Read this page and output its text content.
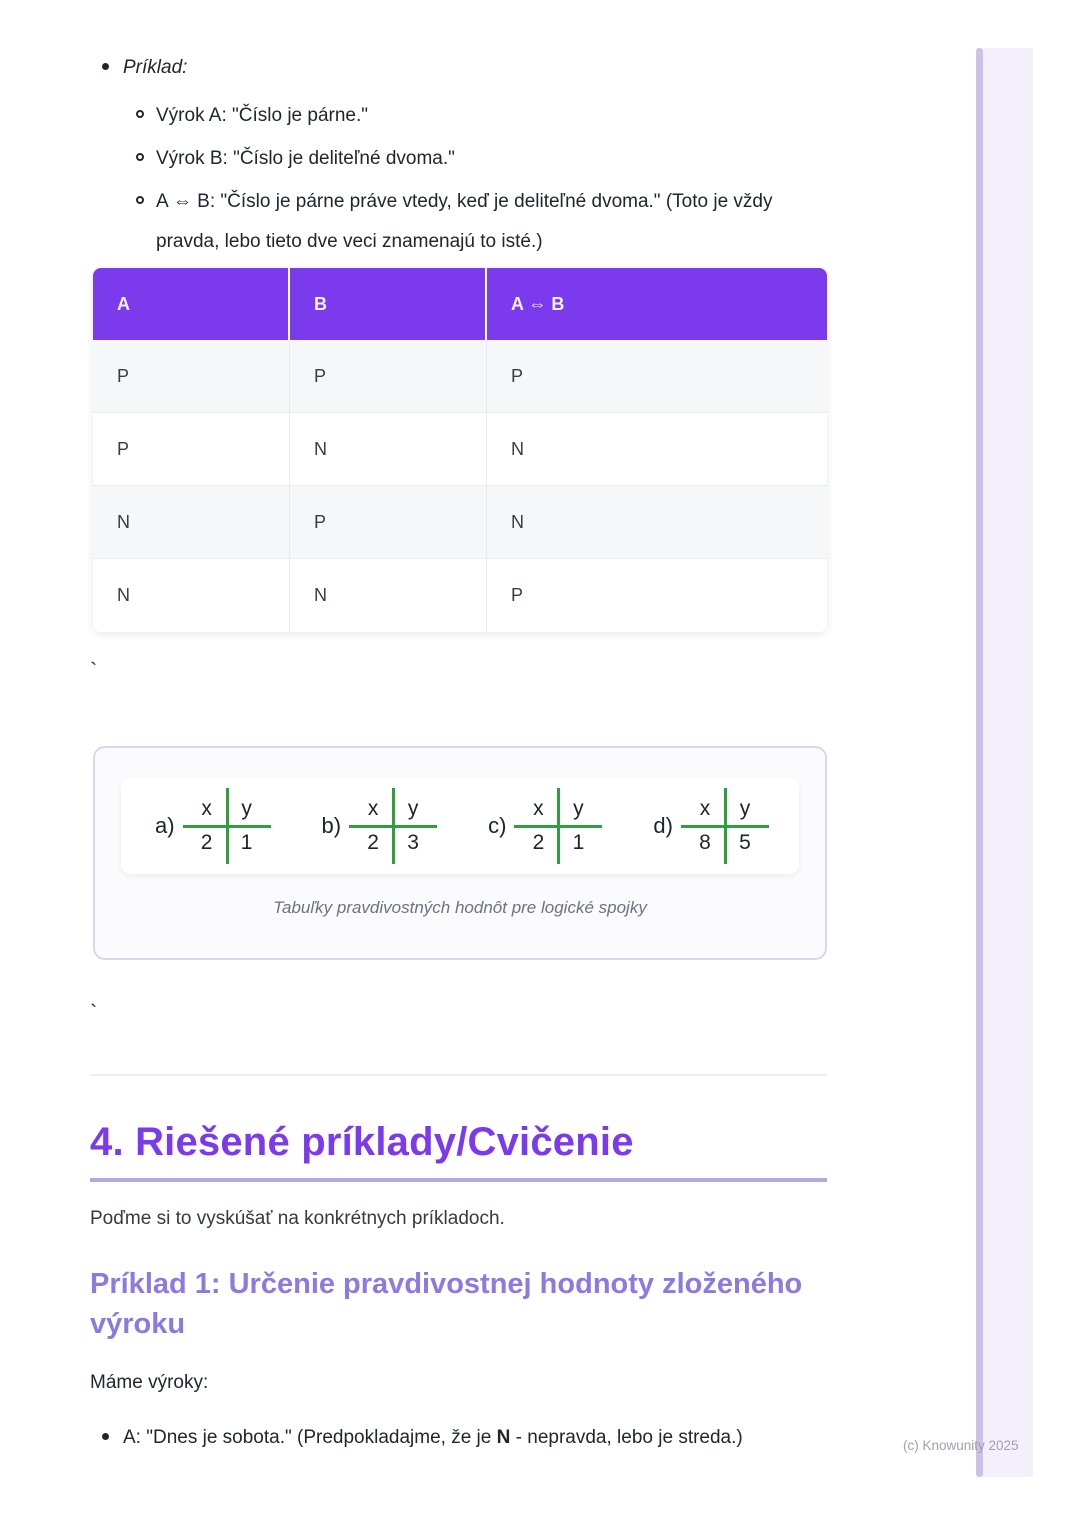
Príklad:
Výrok A: "Číslo je párne."
Výrok B: "Číslo je deliteľné dvoma."
A ⇔ B: "Číslo je párne práve vtedy, keď je deliteľné dvoma." (Toto je vždy pravda, lebo tieto dve veci znamenajú to isté.)
A	B	A ⇔ B
P	P	P
P	N	N
N	P	N
N	N	P
`
a)
x	y
2	1
b)
x	y
2	3
c)
x	y
2	1
d)
x	y
8	5
Tabuľky pravdivostných hodnôt pre logické spojky
`
4. Riešené príklady/Cvičenie
Poďme si to vyskúšať na konkrétnych príkladoch.
Príklad 1: Určenie pravdivostnej hodnoty zloženého výroku
Máme výroky:
A: "Dnes je sobota." (Predpokladajme, že je N - nepravda, lebo je streda.)	(c) Knowunity 2025
